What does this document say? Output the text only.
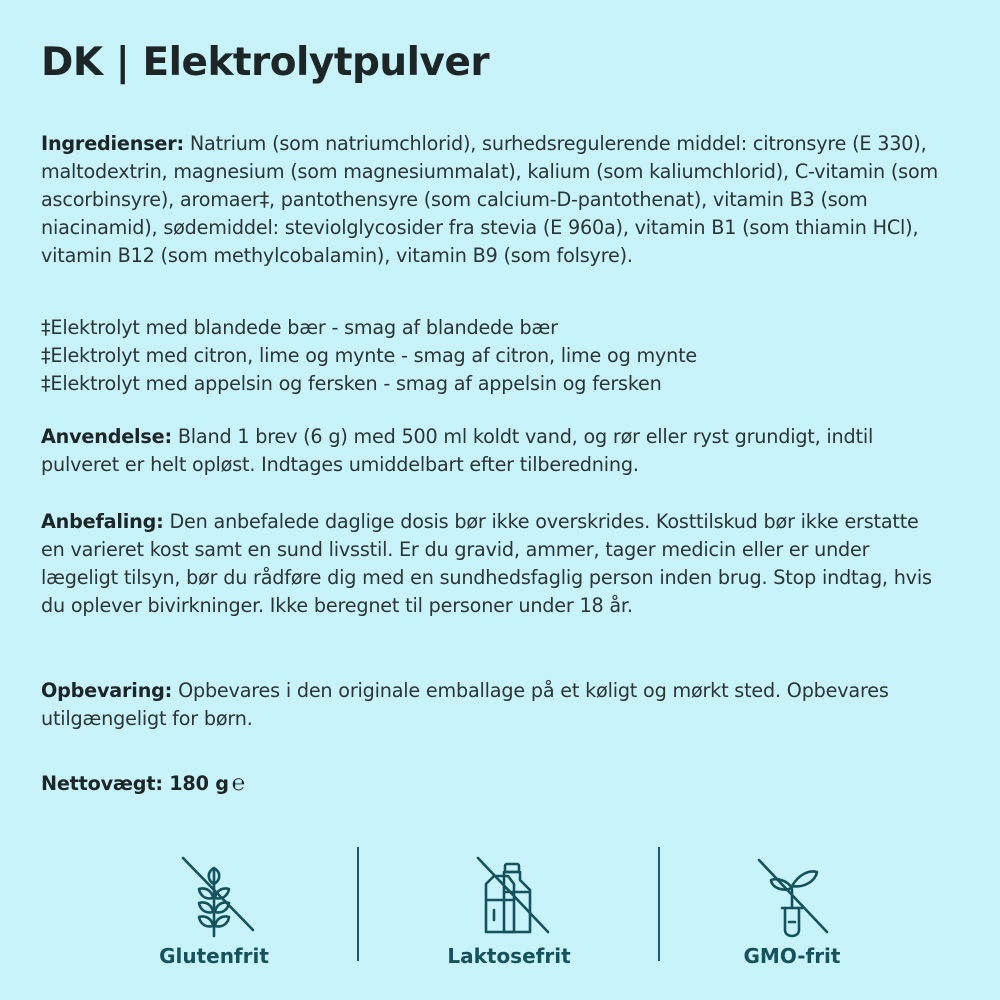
DK | Elektrolytpulver

Ingredienser: Natrium (som natriumchlorid), surhedsregulerende middel: citronsyre (E 330), maltodextrin, magnesium (som magnesiummalat), kalium (som kaliumchlorid), C-vitamin (som ascorbinsyre), aromaer‡, pantothensyre (som calcium-D-pantothenat), vitamin B3 (som niacinamid), sødemiddel: steviolglycosider fra stevia (E 960a), vitamin B1 (som thiamin HCl), vitamin B12 (som methylcobalamin), vitamin B9 (som folsyre).

‡Elektrolyt med blandede bær - smag af blandede bær
‡Elektrolyt med citron, lime og mynte - smag af citron, lime og mynte
‡Elektrolyt med appelsin og fersken - smag af appelsin og fersken

Anvendelse: Bland 1 brev (6 g) med 500 ml koldt vand, og rør eller ryst grundigt, indtil pulveret er helt opløst. Indtages umiddelbart efter tilberedning.

Anbefaling: Den anbefalede daglige dosis bør ikke overskrides. Kosttilskud bør ikke erstatte en varieret kost samt en sund livsstil. Er du gravid, ammer, tager medicin eller er under lægeligt tilsyn, bør du rådføre dig med en sundhedsfaglig person inden brug. Stop indtag, hvis du oplever bivirkninger. Ikke beregnet til personer under 18 år.

Opbevaring: Opbevares i den originale emballage på et køligt og mørkt sted. Opbevares utilgængeligt for børn.

Nettovægt: 180 g ℮

Glutenfrit	Laktosefrit	GMO-frit
